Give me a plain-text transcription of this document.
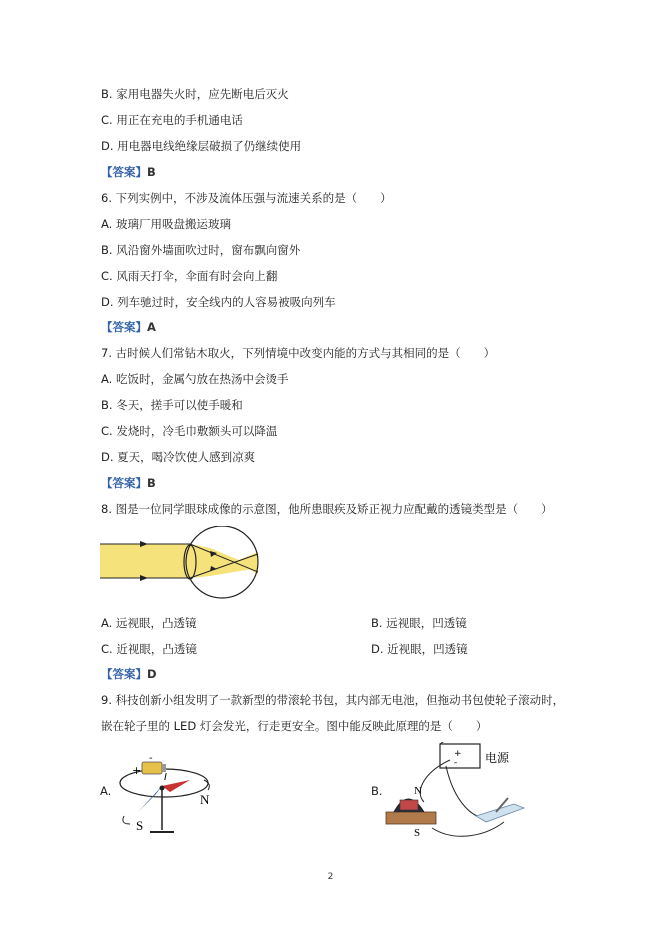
B. 家用电器失火时，应先断电后灭火
C. 用正在充电的手机通电话
D. 用电器电线绝缘层破损了仍继续使用
【答案】B
6. 下列实例中，不涉及流体压强与流速关系的是（　　）
A. 玻璃厂用吸盘搬运玻璃
B. 风沿窗外墙面吹过时，窗布飘向窗外
C. 风雨天打伞，伞面有时会向上翻
D. 列车驰过时，安全线内的人容易被吸向列车
【答案】A
7. 古时候人们常钻木取火，下列情境中改变内能的方式与其相同的是（　　）
A. 吃饭时，金属勺放在热汤中会烫手
B. 冬天，搓手可以使手暖和
C. 发烧时，冷毛巾敷额头可以降温
D. 夏天，喝冷饮使人感到凉爽
【答案】B
8. 图是一位同学眼球成像的示意图，他所患眼疾及矫正视力应配戴的透镜类型是（　　）
A. 远视眼，凸透镜	B. 远视眼，凹透镜
C. 近视眼，凸透镜	D. 近视眼，凹透镜
【答案】D
9. 科技创新小组发明了一款新型的带滚轮书包，其内部无电池，但拖动书包使轮子滚动时，
嵌在轮子里的 LED 灯会发光，行走更安全。图中能反映此原理的是（　　）
A.
+
-
I
N
S
B.
+
- 电源
N
S
2
